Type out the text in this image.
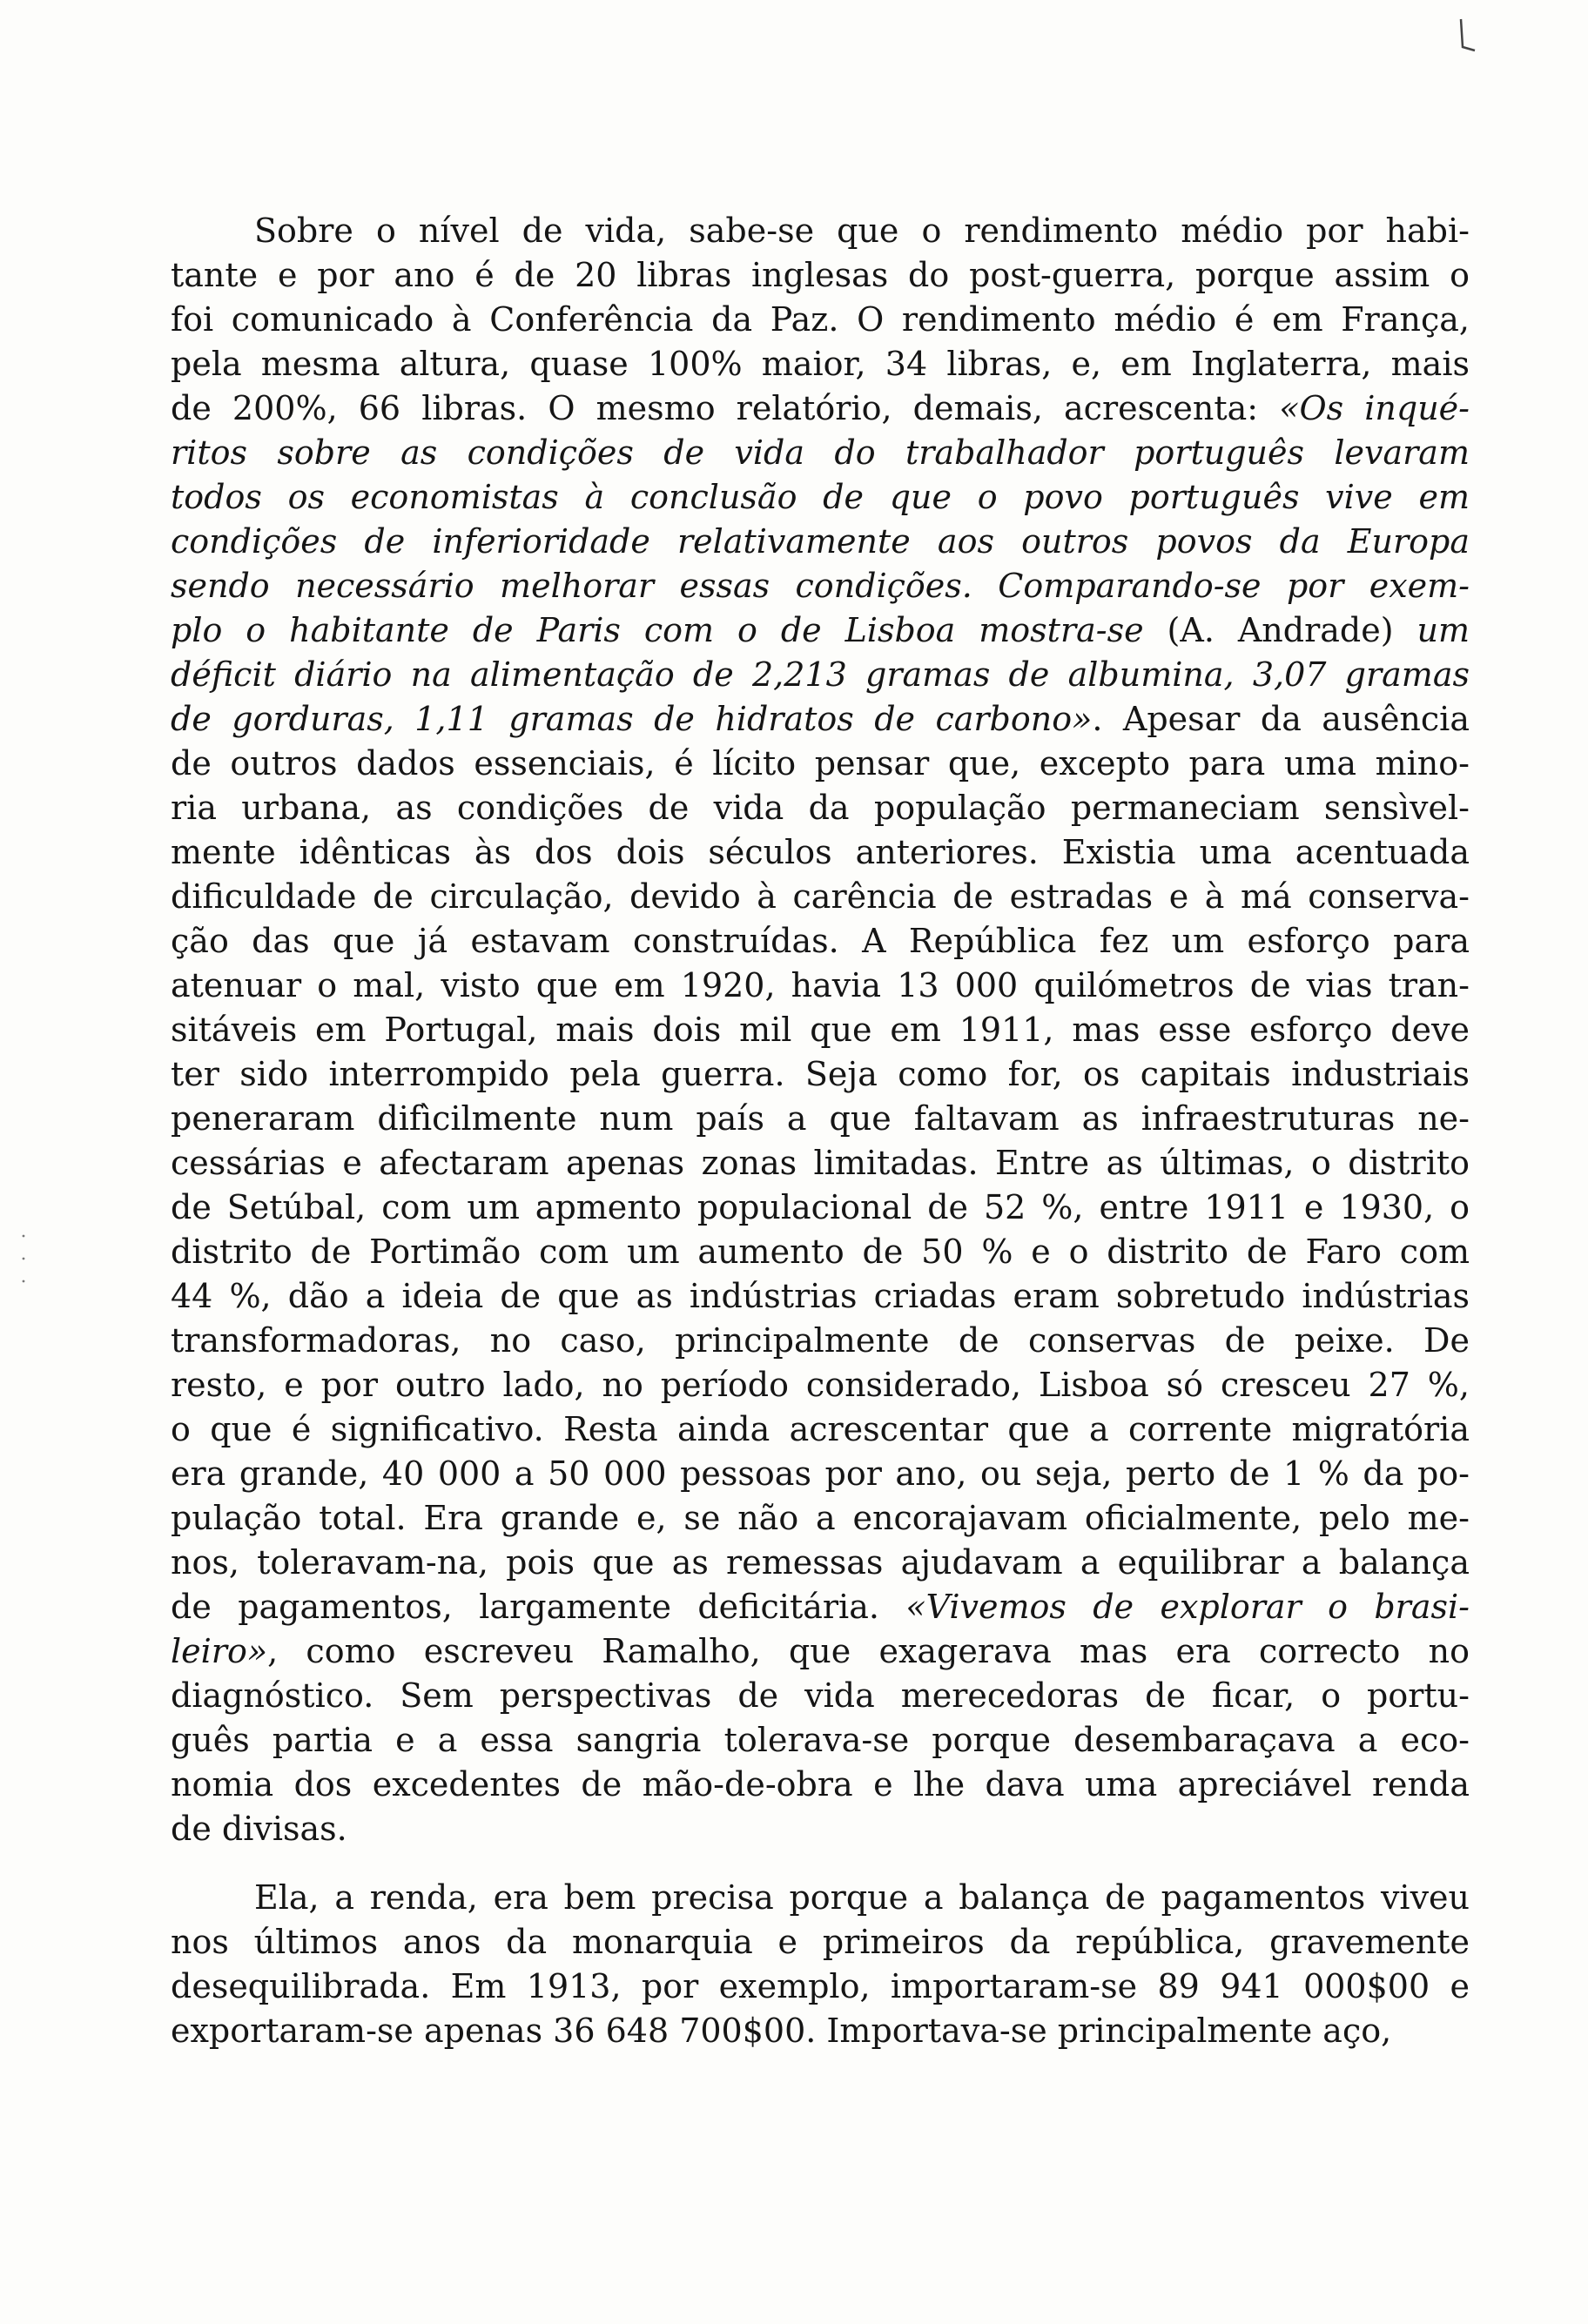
Sobre o nível de vida, sabe-se que o rendimento médio por habi-
tante e por ano é de 20 libras inglesas do post-guerra, porque assim o
foi comunicado à Conferência da Paz. O rendimento médio é em França,
pela mesma altura, quase 100% maior, 34 libras, e, em Inglaterra, mais
de 200%, 66 libras. O mesmo relatório, demais, acrescenta: «Os inqué-
ritos sobre as condições de vida do trabalhador português levaram
todos os economistas à conclusão de que o povo português vive em
condições de inferioridade relativamente aos outros povos da Europa
sendo necessário melhorar essas condições. Comparando-se por exem-
plo o habitante de Paris com o de Lisboa mostra-se (A. Andrade) um
déficit diário na alimentação de 2,213 gramas de albumina, 3,07 gramas
de gorduras, 1,11 gramas de hidratos de carbono». Apesar da ausência
de outros dados essenciais, é lícito pensar que, excepto para uma mino-
ria urbana, as condições de vida da população permaneciam sensìvel-
mente idênticas às dos dois séculos anteriores. Existia uma acentuada
dificuldade de circulação, devido à carência de estradas e à má conserva-
ção das que já estavam construídas. A República fez um esforço para
atenuar o mal, visto que em 1920, havia 13 000 quilómetros de vias tran-
sitáveis em Portugal, mais dois mil que em 1911, mas esse esforço deve
ter sido interrompido pela guerra. Seja como for, os capitais industriais
peneraram difìcilmente num país a que faltavam as infraestruturas ne-
cessárias e afectaram apenas zonas limitadas. Entre as últimas, o distrito
de Setúbal, com um apmento populacional de 52 %, entre 1911 e 1930, o
distrito de Portimão com um aumento de 50 % e o distrito de Faro com
44 %, dão a ideia de que as indústrias criadas eram sobretudo indústrias
transformadoras, no caso, principalmente de conservas de peixe. De
resto, e por outro lado, no período considerado, Lisboa só cresceu 27 %,
o que é significativo. Resta ainda acrescentar que a corrente migratória
era grande, 40 000 a 50 000 pessoas por ano, ou seja, perto de 1 % da po-
pulação total. Era grande e, se não a encorajavam oficialmente, pelo me-
nos, toleravam-na, pois que as remessas ajudavam a equilibrar a balança
de pagamentos, largamente deficitária. «Vivemos de explorar o brasi-
leiro», como escreveu Ramalho, que exagerava mas era correcto no
diagnóstico. Sem perspectivas de vida merecedoras de ficar, o portu-
guês partia e a essa sangria tolerava-se porque desembaraçava a eco-
nomia dos excedentes de mão-de-obra e lhe dava uma apreciável renda
de divisas.
Ela, a renda, era bem precisa porque a balança de pagamentos viveu
nos últimos anos da monarquia e primeiros da república, gravemente
desequilibrada. Em 1913, por exemplo, importaram-se 89 941 000$00 e
exportaram-se apenas 36 648 700$00. Importava-se principalmente aço,
